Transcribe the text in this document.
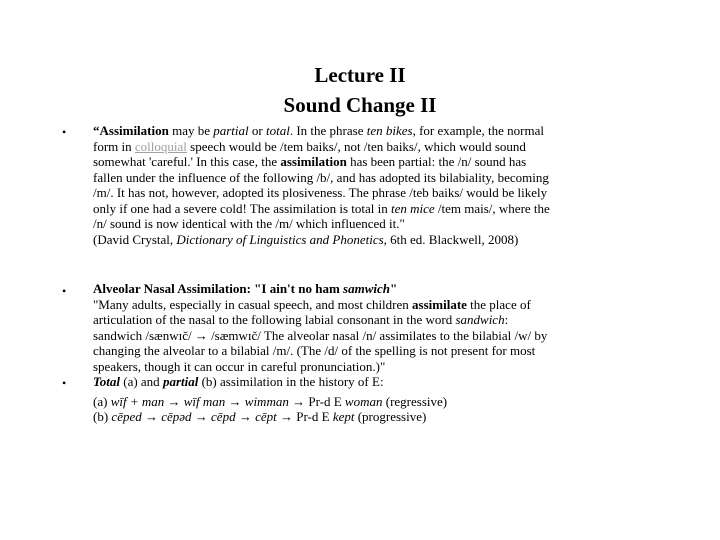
Lecture II
Sound Change II
• “Assimilation may be partial or total. In the phrase ten bikes, for example, the normal
form in colloquial speech would be /tem baiks/, not /ten baiks/, which would sound
somewhat 'careful.' In this case, the assimilation has been partial: the /n/ sound has
fallen under the influence of the following /b/, and has adopted its bilabiality, becoming
/m/. It has not, however, adopted its plosiveness. The phrase /teb baiks/ would be likely
only if one had a severe cold! The assimilation is total in ten mice /tem mais/, where the
/n/ sound is now identical with the /m/ which influenced it."
(David Crystal, Dictionary of Linguistics and Phonetics, 6th ed. Blackwell, 2008)
• Alveolar Nasal Assimilation: "I ain't no ham samwich"
"Many adults, especially in casual speech, and most children assimilate the place of
articulation of the nasal to the following labial consonant in the word sandwich:
sandwich /sænwɪč/ → /sæmwɪč/ The alveolar nasal /n/ assimilates to the bilabial /w/ by
changing the alveolar to a bilabial /m/. (The /d/ of the spelling is not present for most
speakers, though it can occur in careful pronunciation.)"
• Total (a) and partial (b) assimilation in the history of E:
(a) wīf + man → wīf man → wimman → Pr-d E woman (regressive)
(b) cēped → cēpəd → cēpd → cēpt → Pr-d E kept (progressive)
